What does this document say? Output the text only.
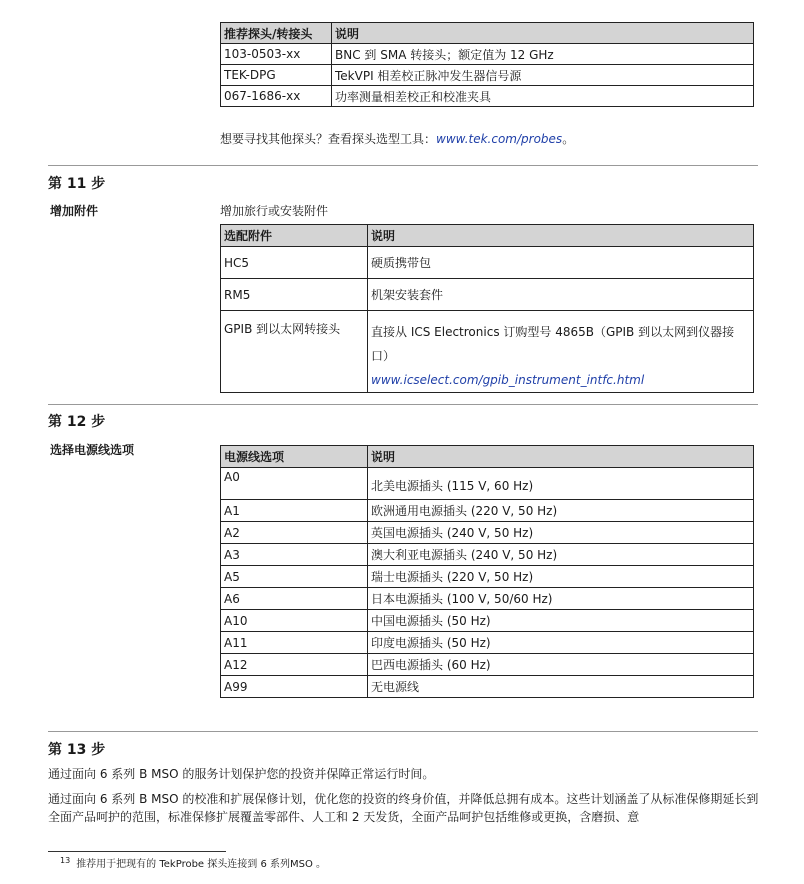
推荐探头/转接头	说明
103-0503-xx	BNC 到 SMA 转接头；额定值为 12 GHz
TEK-DPG	TekVPI 相差校正脉冲发生器信号源
067-1686-xx	功率测量相差校正和校准夹具
想要寻找其他探头？查看探头选型工具：www.tek.com/probes。
第 11 步
增加附件	增加旅行或安装附件
选配附件	说明
HC5	硬质携带包
RM5	机架安装套件
GPIB 到以太网转接头	直接从 ICS Electronics 订购型号 4865B（GPIB 到以太网到仪器接口）
www.icselect.com/gpib_instrument_intfc.html
第 12 步
选择电源线选项	电源线选项	说明
A0	北美电源插头 (115 V, 60 Hz)
A1	欧洲通用电源插头 (220 V, 50 Hz)
A2	英国电源插头 (240 V, 50 Hz)
A3	澳大利亚电源插头 (240 V, 50 Hz)
A5	瑞士电源插头 (220 V, 50 Hz)
A6	日本电源插头 (100 V, 50/60 Hz)
A10	中国电源插头 (50 Hz)
A11	印度电源插头 (50 Hz)
A12	巴西电源插头 (60 Hz)
A99	无电源线
第 13 步
通过面向 6 系列 B MSO 的服务计划保护您的投资并保障正常运行时间。
通过面向 6 系列 B MSO 的校准和扩展保修计划，优化您的投资的终身价值，并降低总拥有成本。这些计划涵盖了从标准保修期延长到全面产品呵护的范围，标准保修扩展覆盖零部件、人工和 2 天发货，全面产品呵护包括维修或更换，含磨损、意
$^{13}$ 推荐用于把现有的 TekProbe 探头连接到 6 系列MSO 。
